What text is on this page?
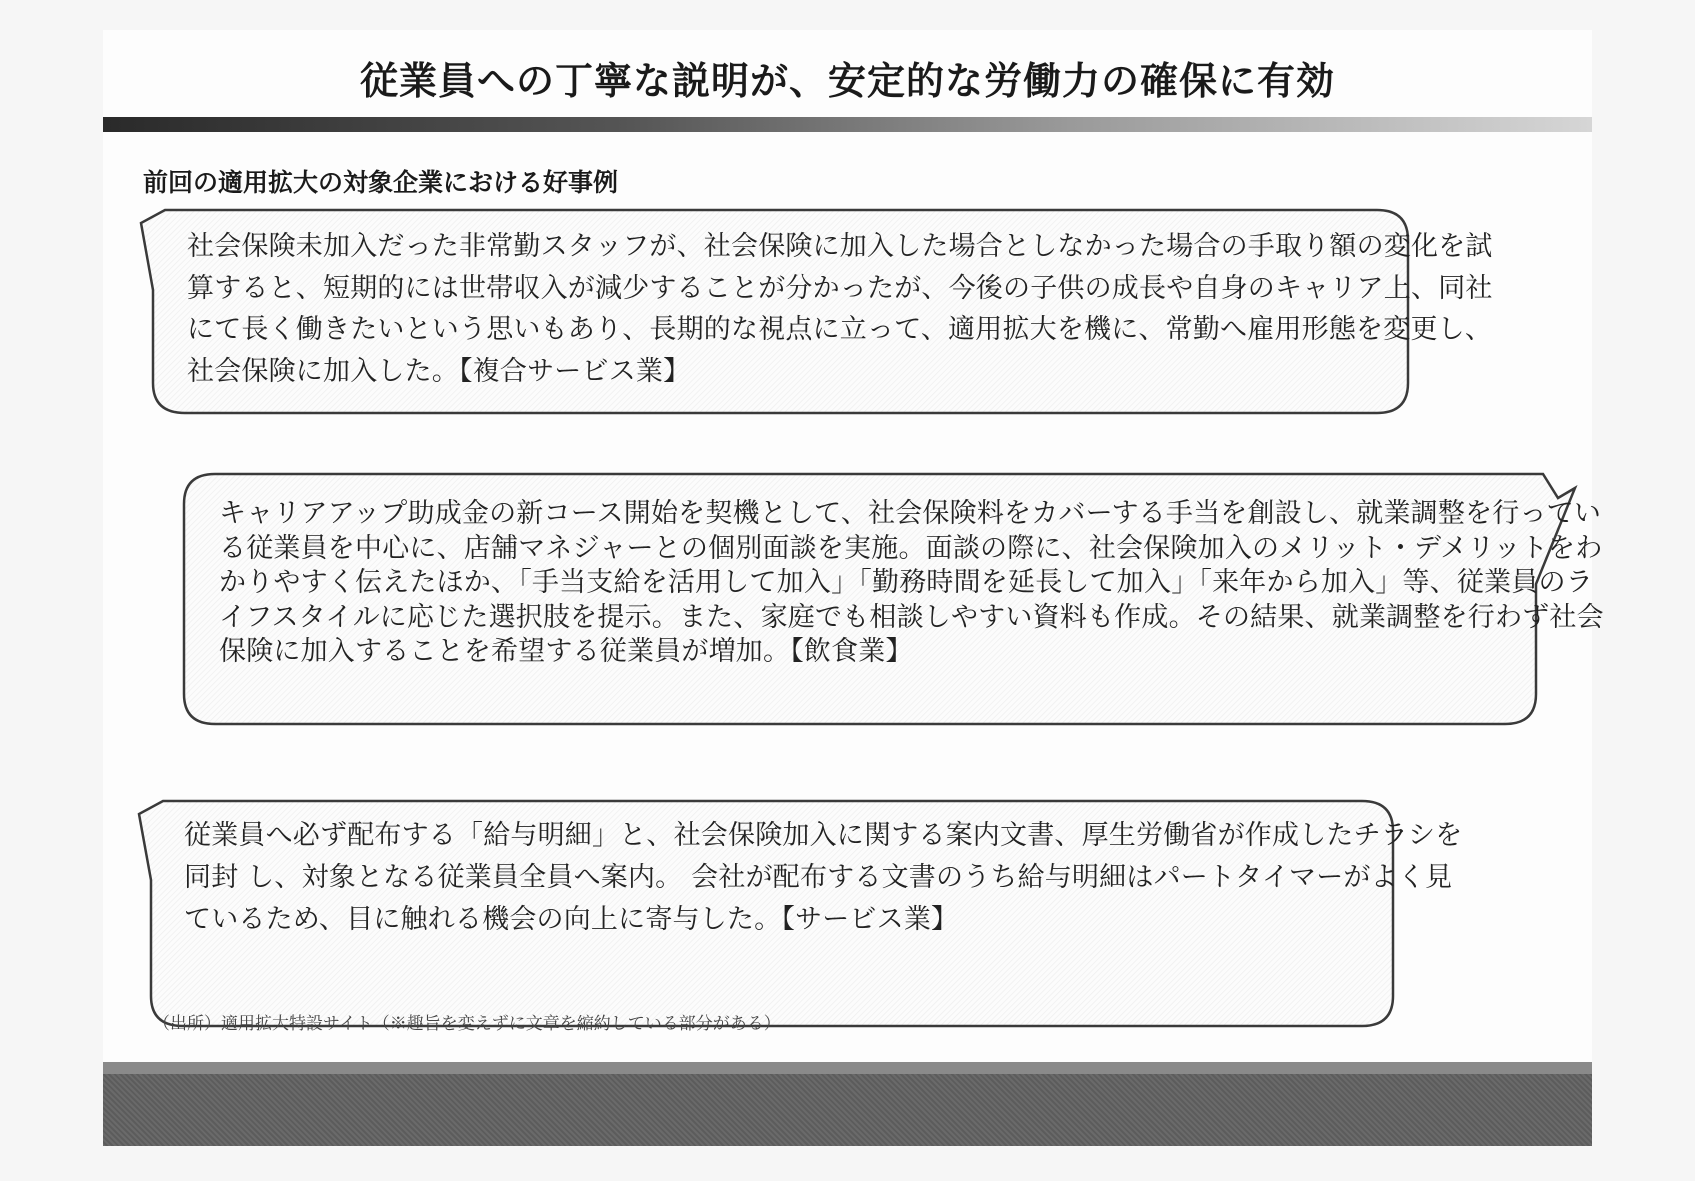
従業員への丁寧な説明が、安定的な労働力の確保に有効
前回の適用拡大の対象企業における好事例

社会保険未加入だった非常勤スタッフが、社会保険に加入した場合としなかった場合の手取り額の変化を試算すると、短期的には世帯収入が減少することが分かったが、今後の子供の成長や自身のキャリア上、同社にて長く働きたいという思いもあり、長期的な視点に立って、適用拡大を機に、常勤へ雇用形態を変更し、社会保険に加入した。【複合サービス業】

キャリアアップ助成金の新コース開始を契機として、社会保険料をカバーする手当を創設し、就業調整を行っている従業員を中心に、店舗マネジャーとの個別面談を実施。面談の際に、社会保険加入のメリット・デメリットをわかりやすく伝えたほか、「手当支給を活用して加入」「勤務時間を延長して加入」「来年から加入」等、従業員のライフスタイルに応じた選択肢を提示。また、家庭でも相談しやすい資料も作成。その結果、就業調整を行わず社会保険に加入することを希望する従業員が増加。【飲食業】

従業員へ必ず配布する「給与明細」と、社会保険加入に関する案内文書、厚生労働省が作成したチラシを同封 し、対象となる従業員全員へ案内。 会社が配布する文書のうち給与明細はパートタイマーがよく見ているため、目に触れる機会の向上に寄与した。【サービス業】

（出所）適用拡大特設サイト（※趣旨を変えずに文章を縮約している部分がある）
